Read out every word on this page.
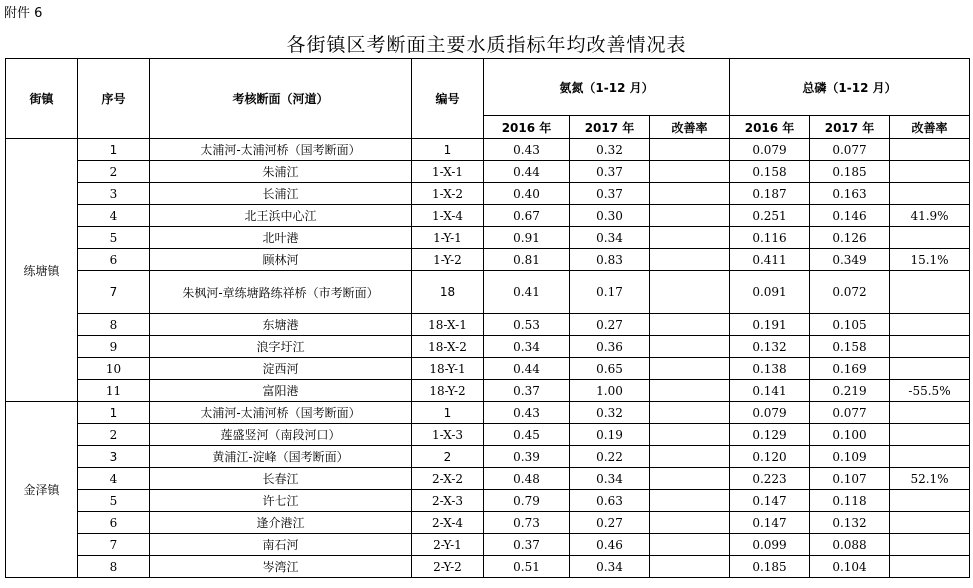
附件 6
各街镇区考断面主要水质指标年均改善情况表
街镇	序号	考核断面（河道）	编号	氨氮（1-12 月）			总磷（1-12 月）		
				2016 年	2017 年	改善率	2016 年	2017 年	改善率
练塘镇	1	太浦河-太浦河桥（国考断面）	1	0.43	0.32		0.079	0.077	
	2	朱浦江	1-X-1	0.44	0.37		0.158	0.185	
	3	长浦江	1-X-2	0.40	0.37		0.187	0.163	
	4	北王浜中心江	1-X-4	0.67	0.30		0.251	0.146	41.9%
	5	北叶港	1-Y-1	0.91	0.34		0.116	0.126	
	6	顾林河	1-Y-2	0.81	0.83		0.411	0.349	15.1%
	7	朱枫河-章练塘路练祥桥（市考断面）	18	0.41	0.17		0.091	0.072	
	8	东塘港	18-X-1	0.53	0.27		0.191	0.105	
	9	浪字圩江	18-X-2	0.34	0.36		0.132	0.158	
	10	淀西河	18-Y-1	0.44	0.65		0.138	0.169	
	11	富阳港	18-Y-2	0.37	1.00		0.141	0.219	-55.5%
金泽镇	1	太浦河-太浦河桥（国考断面）	1	0.43	0.32		0.079	0.077	
	2	莲盛竖河（南段河口）	1-X-3	0.45	0.19		0.129	0.100	
	3	黄浦江-淀峰（国考断面）	2	0.39	0.22		0.120	0.109	
	4	长春江	2-X-2	0.48	0.34		0.223	0.107	52.1%
	5	许七江	2-X-3	0.79	0.63		0.147	0.118	
	6	逢介港江	2-X-4	0.73	0.27		0.147	0.132	
	7	南石河	2-Y-1	0.37	0.46		0.099	0.088	
	8	岑湾江	2-Y-2	0.51	0.34		0.185	0.104	
